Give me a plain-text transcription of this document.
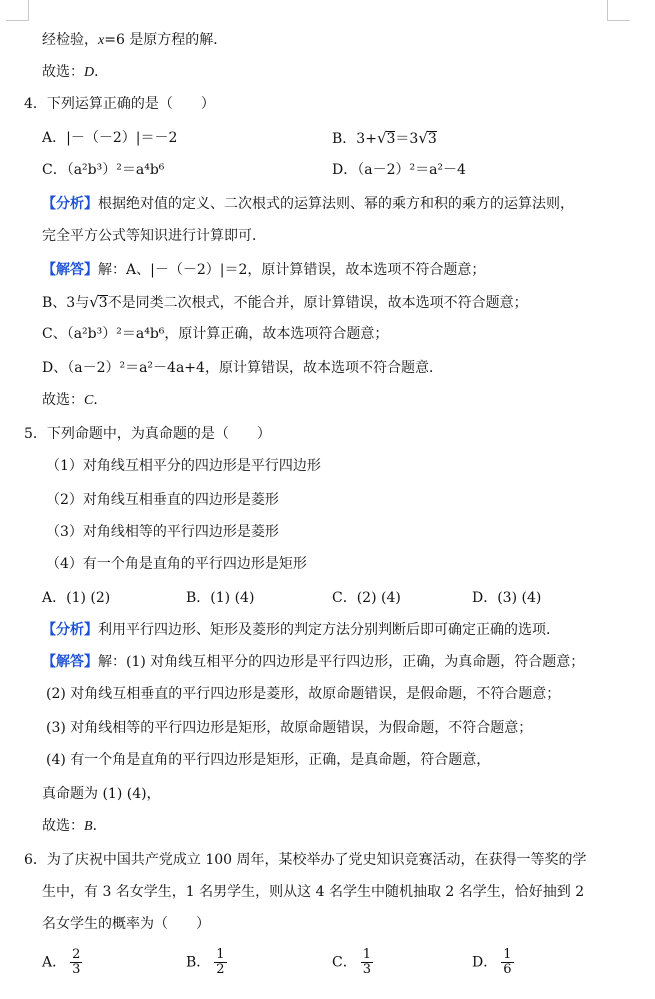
经检验，x=6 是原方程的解．
故选：D．
4．下列运算正确的是（　　）
A．|－（－2）|＝－2	B．3+√3＝3√3
C．（a²b³）²＝a⁴b⁶	D．（a－2）²＝a²－4
【分析】根据绝对值的定义、二次根式的运算法则、幂的乘方和积的乘方的运算法则，
完全平方公式等知识进行计算即可．
【解答】解：A、|－（－2）|＝2，原计算错误，故本选项不符合题意；
B、3与√3不是同类二次根式，不能合并，原计算错误，故本选项不符合题意；
C、（a²b³）²＝a⁴b⁶，原计算正确，故本选项符合题意；
D、（a－2）²＝a²－4a+4，原计算错误，故本选项不符合题意．
故选：C．
5．下列命题中，为真命题的是（　　）
（1）对角线互相平分的四边形是平行四边形
（2）对角线互相垂直的四边形是菱形
（3）对角线相等的平行四边形是菱形
（4）有一个角是直角的平行四边形是矩形
A．(1) (2)	B．(1) (4)	C．(2) (4)	D．(3) (4)
【分析】利用平行四边形、矩形及菱形的判定方法分别判断后即可确定正确的选项．
【解答】解：(1) 对角线互相平分的四边形是平行四边形，正确，为真命题，符合题意；
(2) 对角线互相垂直的平行四边形是菱形，故原命题错误，是假命题，不符合题意；
(3) 对角线相等的平行四边形是矩形，故原命题错误，为假命题，不符合题意；
(4) 有一个角是直角的平行四边形是矩形，正确，是真命题，符合题意，
真命题为 (1) (4)，
故选：B．
6．为了庆祝中国共产党成立 100 周年，某校举办了党史知识竞赛活动，在获得一等奖的学
生中，有 3 名女学生，1 名男学生，则从这 4 名学生中随机抽取 2 名学生，恰好抽到 2
名女学生的概率为（　　）
A． $\frac{2}{3}$	B． $\frac{1}{2}$	C． $\frac{1}{3}$	D． $\frac{1}{6}$
